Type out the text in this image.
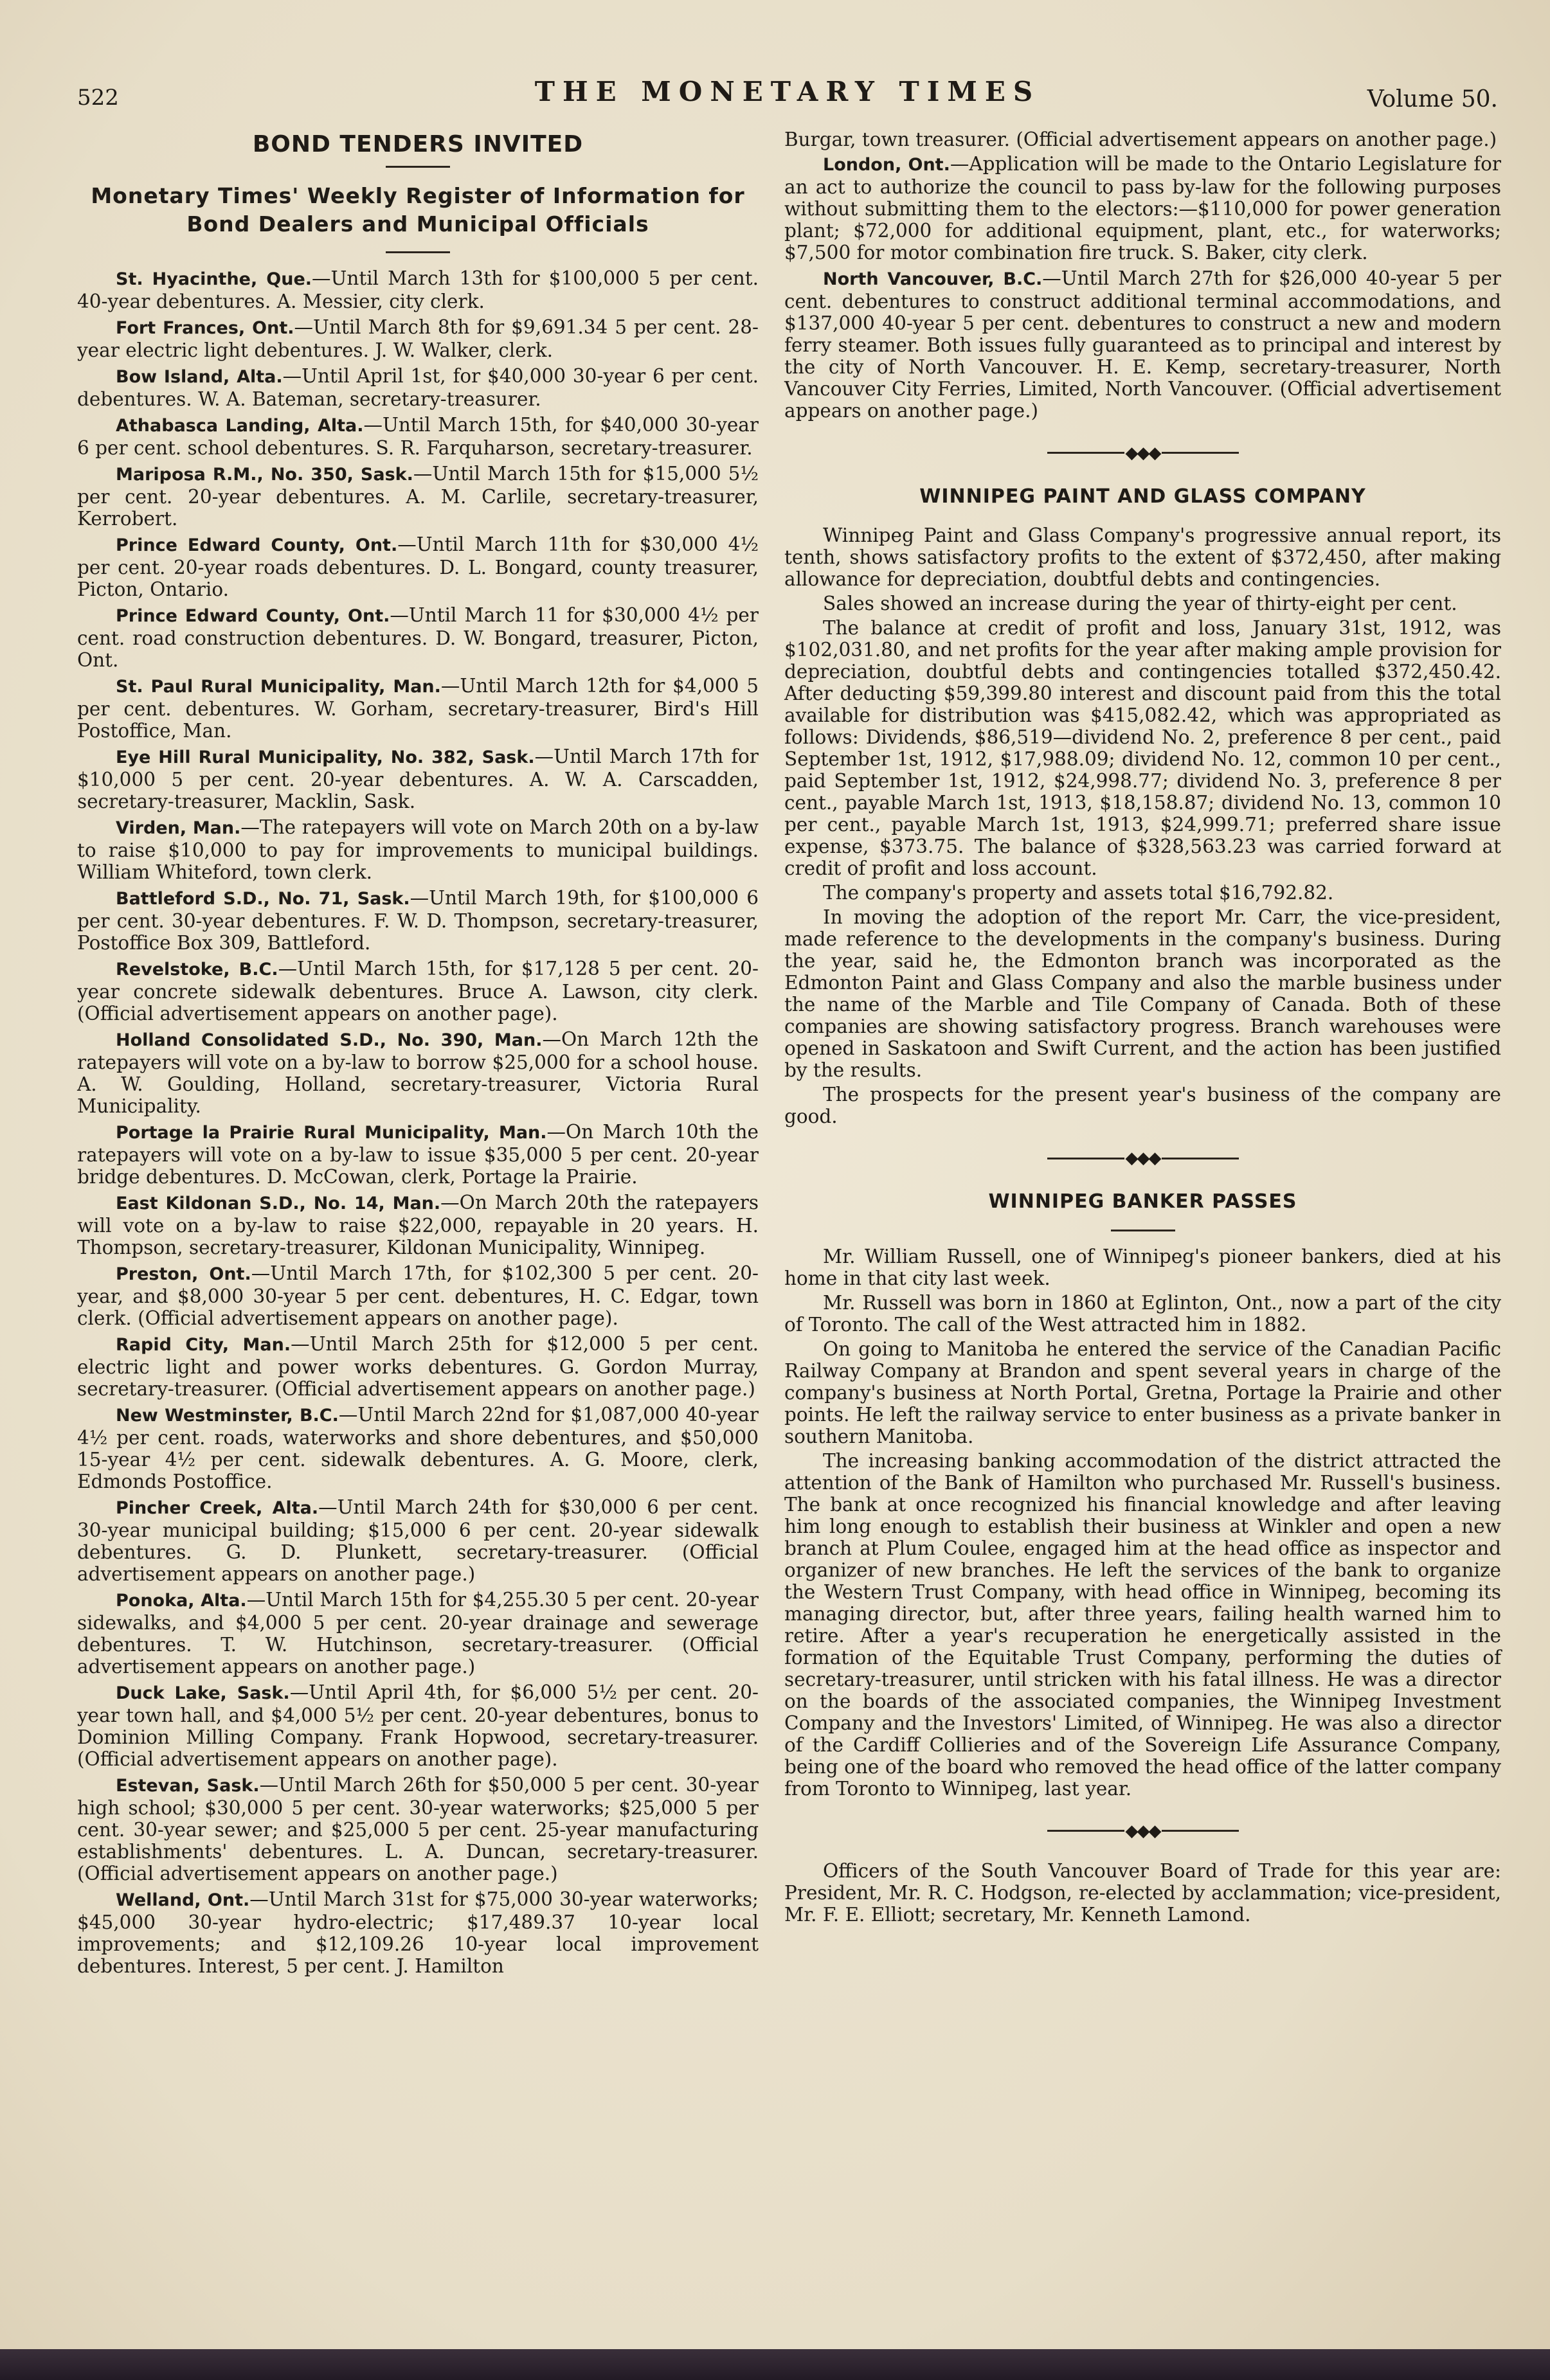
522	THE MONETARY TIMES	Volume 50.
BOND TENDERS INVITED
Monetary Times' Weekly Register of Information for
Bond Dealers and Municipal Officials

St. Hyacinthe, Que.—Until March 13th for $100,000 5 per cent. 40-year debentures. A. Messier, city clerk.

Fort Frances, Ont.—Until March 8th for $9,691.34 5 per cent. 28-year electric light debentures. J. W. Walker, clerk.

Bow Island, Alta.—Until April 1st, for $40,000 30-year 6 per cent. debentures. W. A. Bateman, secretary-treasurer.

Athabasca Landing, Alta.—Until March 15th, for $40,000 30-year 6 per cent. school debentures. S. R. Farquharson, secretary-treasurer.

Mariposa R.M., No. 350, Sask.—Until March 15th for $15,000 5½ per cent. 20-year debentures. A. M. Carlile, secretary-treasurer, Kerrobert.

Prince Edward County, Ont.—Until March 11th for $30,000 4½ per cent. 20-year roads debentures. D. L. Bongard, county treasurer, Picton, Ontario.

Prince Edward County, Ont.—Until March 11 for $30,000 4½ per cent. road construction debentures. D. W. Bongard, treasurer, Picton, Ont.

St. Paul Rural Municipality, Man.—Until March 12th for $4,000 5 per cent. debentures. W. Gorham, secretary-treasurer, Bird's Hill Postoffice, Man.

Eye Hill Rural Municipality, No. 382, Sask.—Until March 17th for $10,000 5 per cent. 20-year debentures. A. W. A. Carscadden, secretary-treasurer, Macklin, Sask.

Virden, Man.—The ratepayers will vote on March 20th on a by-law to raise $10,000 to pay for improvements to municipal buildings. William Whiteford, town clerk.

Battleford S.D., No. 71, Sask.—Until March 19th, for $100,000 6 per cent. 30-year debentures. F. W. D. Thompson, secretary-treasurer, Postoffice Box 309, Battleford.

Revelstoke, B.C.—Until March 15th, for $17,128 5 per cent. 20-year concrete sidewalk debentures. Bruce A. Lawson, city clerk. (Official advertisement appears on another page).

Holland Consolidated S.D., No. 390, Man.—On March 12th the ratepayers will vote on a by-law to borrow $25,000 for a school house. A. W. Goulding, Holland, secretary-treasurer, Victoria Rural Municipality.

Portage la Prairie Rural Municipality, Man.—On March 10th the ratepayers will vote on a by-law to issue $35,000 5 per cent. 20-year bridge debentures. D. McCowan, clerk, Portage la Prairie.

East Kildonan S.D., No. 14, Man.—On March 20th the ratepayers will vote on a by-law to raise $22,000, repayable in 20 years. H. Thompson, secretary-treasurer, Kildonan Municipality, Winnipeg.

Preston, Ont.—Until March 17th, for $102,300 5 per cent. 20-year, and $8,000 30-year 5 per cent. debentures, H. C. Edgar, town clerk. (Official advertisement appears on another page).

Rapid City, Man.—Until March 25th for $12,000 5 per cent. electric light and power works debentures. G. Gordon Murray, secretary-treasurer. (Official advertisement appears on another page.)

New Westminster, B.C.—Until March 22nd for $1,087,000 40-year 4½ per cent. roads, waterworks and shore debentures, and $50,000 15-year 4½ per cent. sidewalk debentures. A. G. Moore, clerk, Edmonds Postoffice.

Pincher Creek, Alta.—Until March 24th for $30,000 6 per cent. 30-year municipal building; $15,000 6 per cent. 20-year sidewalk debentures. G. D. Plunkett, secretary-treasurer. (Official advertisement appears on another page.)

Ponoka, Alta.—Until March 15th for $4,255.30 5 per cent. 20-year sidewalks, and $4,000 5 per cent. 20-year drainage and sewerage debentures. T. W. Hutchinson, secretary-treasurer. (Official advertisement appears on another page.)

Duck Lake, Sask.—Until April 4th, for $6,000 5½ per cent. 20-year town hall, and $4,000 5½ per cent. 20-year debentures, bonus to Dominion Milling Company. Frank Hopwood, secretary-treasurer. (Official advertisement appears on another page).

Estevan, Sask.—Until March 26th for $50,000 5 per cent. 30-year high school; $30,000 5 per cent. 30-year waterworks; $25,000 5 per cent. 30-year sewer; and $25,000 5 per cent. 25-year manufacturing establishments' debentures. L. A. Duncan, secretary-treasurer. (Official advertisement appears on another page.)

Welland, Ont.—Until March 31st for $75,000 30-year waterworks; $45,000 30-year hydro-electric; $17,489.37 10-year local improvements; and $12,109.26 10-year local improvement debentures. Interest, 5 per cent. J. Hamilton

Burgar, town treasurer. (Official advertisement appears on another page.)

London, Ont.—Application will be made to the Ontario Legislature for an act to authorize the council to pass by-law for the following purposes without submitting them to the electors:—$110,000 for power generation plant; $72,000 for additional equipment, plant, etc., for waterworks; $7,500 for motor combination fire truck. S. Baker, city clerk.

North Vancouver, B.C.—Until March 27th for $26,000 40-year 5 per cent. debentures to construct additional terminal accommodations, and $137,000 40-year 5 per cent. debentures to construct a new and modern ferry steamer. Both issues fully guaranteed as to principal and interest by the city of North Vancouver. H. E. Kemp, secretary-treasurer, North Vancouver City Ferries, Limited, North Vancouver. (Official advertisement appears on another page.)

◆◆◆
WINNIPEG PAINT AND GLASS COMPANY

Winnipeg Paint and Glass Company's progressive annual report, its tenth, shows satisfactory profits to the extent of $372,450, after making allowance for depreciation, doubtful debts and contingencies.

Sales showed an increase during the year of thirty-eight per cent.

The balance at credit of profit and loss, January 31st, 1912, was $102,031.80, and net profits for the year after making ample provision for depreciation, doubtful debts and contingencies totalled $372,450.42. After deducting $59,399.80 interest and discount paid from this the total available for distribution was $415,082.42, which was appropriated as follows: Dividends, $86,519—dividend No. 2, preference 8 per cent., paid September 1st, 1912, $17,988.09; dividend No. 12, common 10 per cent., paid September 1st, 1912, $24,998.77; dividend No. 3, preference 8 per cent., payable March 1st, 1913, $18,158.87; dividend No. 13, common 10 per cent., payable March 1st, 1913, $24,999.71; preferred share issue expense, $373.75. The balance of $328,563.23 was carried forward at credit of profit and loss account.

The company's property and assets total $16,792.82.

In moving the adoption of the report Mr. Carr, the vice-president, made reference to the developments in the company's business. During the year, said he, the Edmonton branch was incorporated as the Edmonton Paint and Glass Company and also the marble business under the name of the Marble and Tile Company of Canada. Both of these companies are showing satisfactory progress. Branch warehouses were opened in Saskatoon and Swift Current, and the action has been justified by the results.

The prospects for the present year's business of the company are good.

◆◆◆
WINNIPEG BANKER PASSES

Mr. William Russell, one of Winnipeg's pioneer bankers, died at his home in that city last week.

Mr. Russell was born in 1860 at Eglinton, Ont., now a part of the city of Toronto. The call of the West attracted him in 1882.

On going to Manitoba he entered the service of the Canadian Pacific Railway Company at Brandon and spent several years in charge of the company's business at North Portal, Gretna, Portage la Prairie and other points. He left the railway service to enter business as a private banker in southern Manitoba.

The increasing banking accommodation of the district attracted the attention of the Bank of Hamilton who purchased Mr. Russell's business. The bank at once recognized his financial knowledge and after leaving him long enough to establish their business at Winkler and open a new branch at Plum Coulee, engaged him at the head office as inspector and organizer of new branches. He left the services of the bank to organize the Western Trust Company, with head office in Winnipeg, becoming its managing director, but, after three years, failing health warned him to retire. After a year's recuperation he energetically assisted in the formation of the Equitable Trust Company, performing the duties of secretary-treasurer, until stricken with his fatal illness. He was a director on the boards of the associated companies, the Winnipeg Investment Company and the Investors' Limited, of Winnipeg. He was also a director of the Cardiff Collieries and of the Sovereign Life Assurance Company, being one of the board who removed the head office of the latter company from Toronto to Winnipeg, last year.

◆◆◆

Officers of the South Vancouver Board of Trade for this year are: President, Mr. R. C. Hodgson, re-elected by acclammation; vice-president, Mr. F. E. Elliott; secretary, Mr. Kenneth Lamond.
